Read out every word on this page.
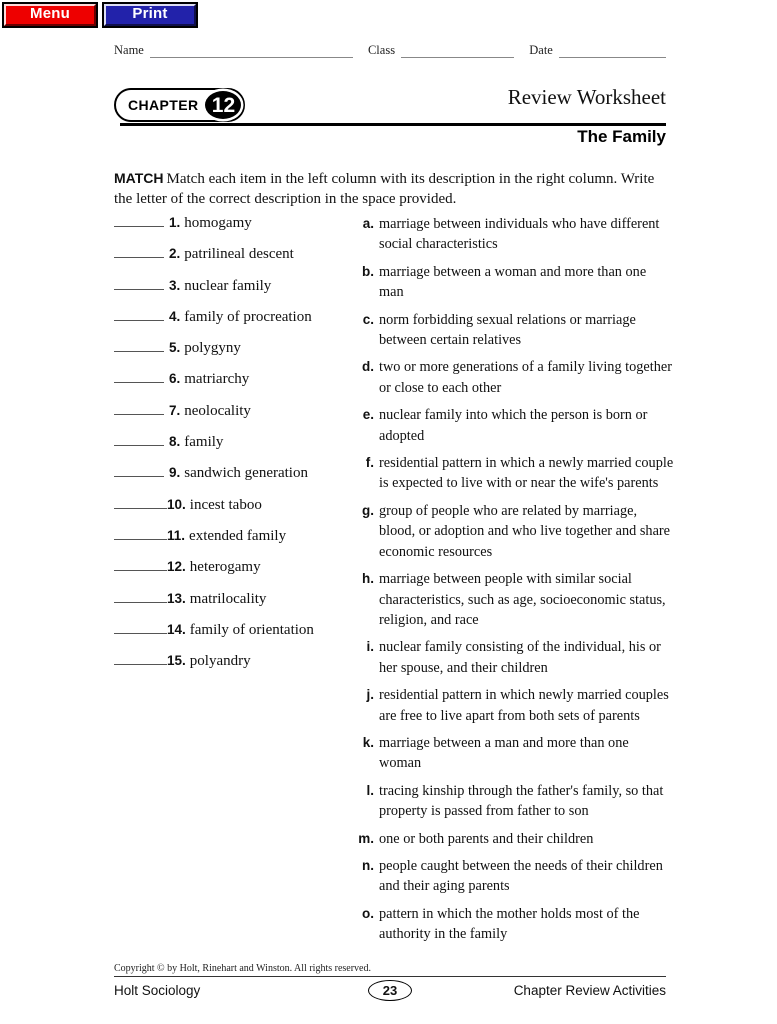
Menu	Print
Name	Class	Date
CHAPTER 12	Review Worksheet
The Family
MATCH Match each item in the left column with its description in the right column. Write the letter of the correct description in the space provided.
1. homogamy
2. patrilineal descent
3. nuclear family
4. family of procreation
5. polygyny
6. matriarchy
7. neolocality
8. family
9. sandwich generation
10. incest taboo
11. extended family
12. heterogamy
13. matrilocality
14. family of orientation
15. polyandry
a. marriage between individuals who have different social characteristics
b. marriage between a woman and more than one man
c. norm forbidding sexual relations or marriage between certain relatives
d. two or more generations of a family living together or close to each other
e. nuclear family into which the person is born or adopted
f. residential pattern in which a newly married couple is expected to live with or near the wife's parents
g. group of people who are related by marriage, blood, or adoption and who live together and share economic resources
h. marriage between people with similar social characteristics, such as age, socioeconomic status, religion, and race
i. nuclear family consisting of the individual, his or her spouse, and their children
j. residential pattern in which newly married couples are free to live apart from both sets of parents
k. marriage between a man and more than one woman
l. tracing kinship through the father's family, so that property is passed from father to son
m. one or both parents and their children
n. people caught between the needs of their children and their aging parents
o. pattern in which the mother holds most of the authority in the family
Copyright © by Holt, Rinehart and Winston. All rights reserved.
Holt Sociology	23	Chapter Review Activities
